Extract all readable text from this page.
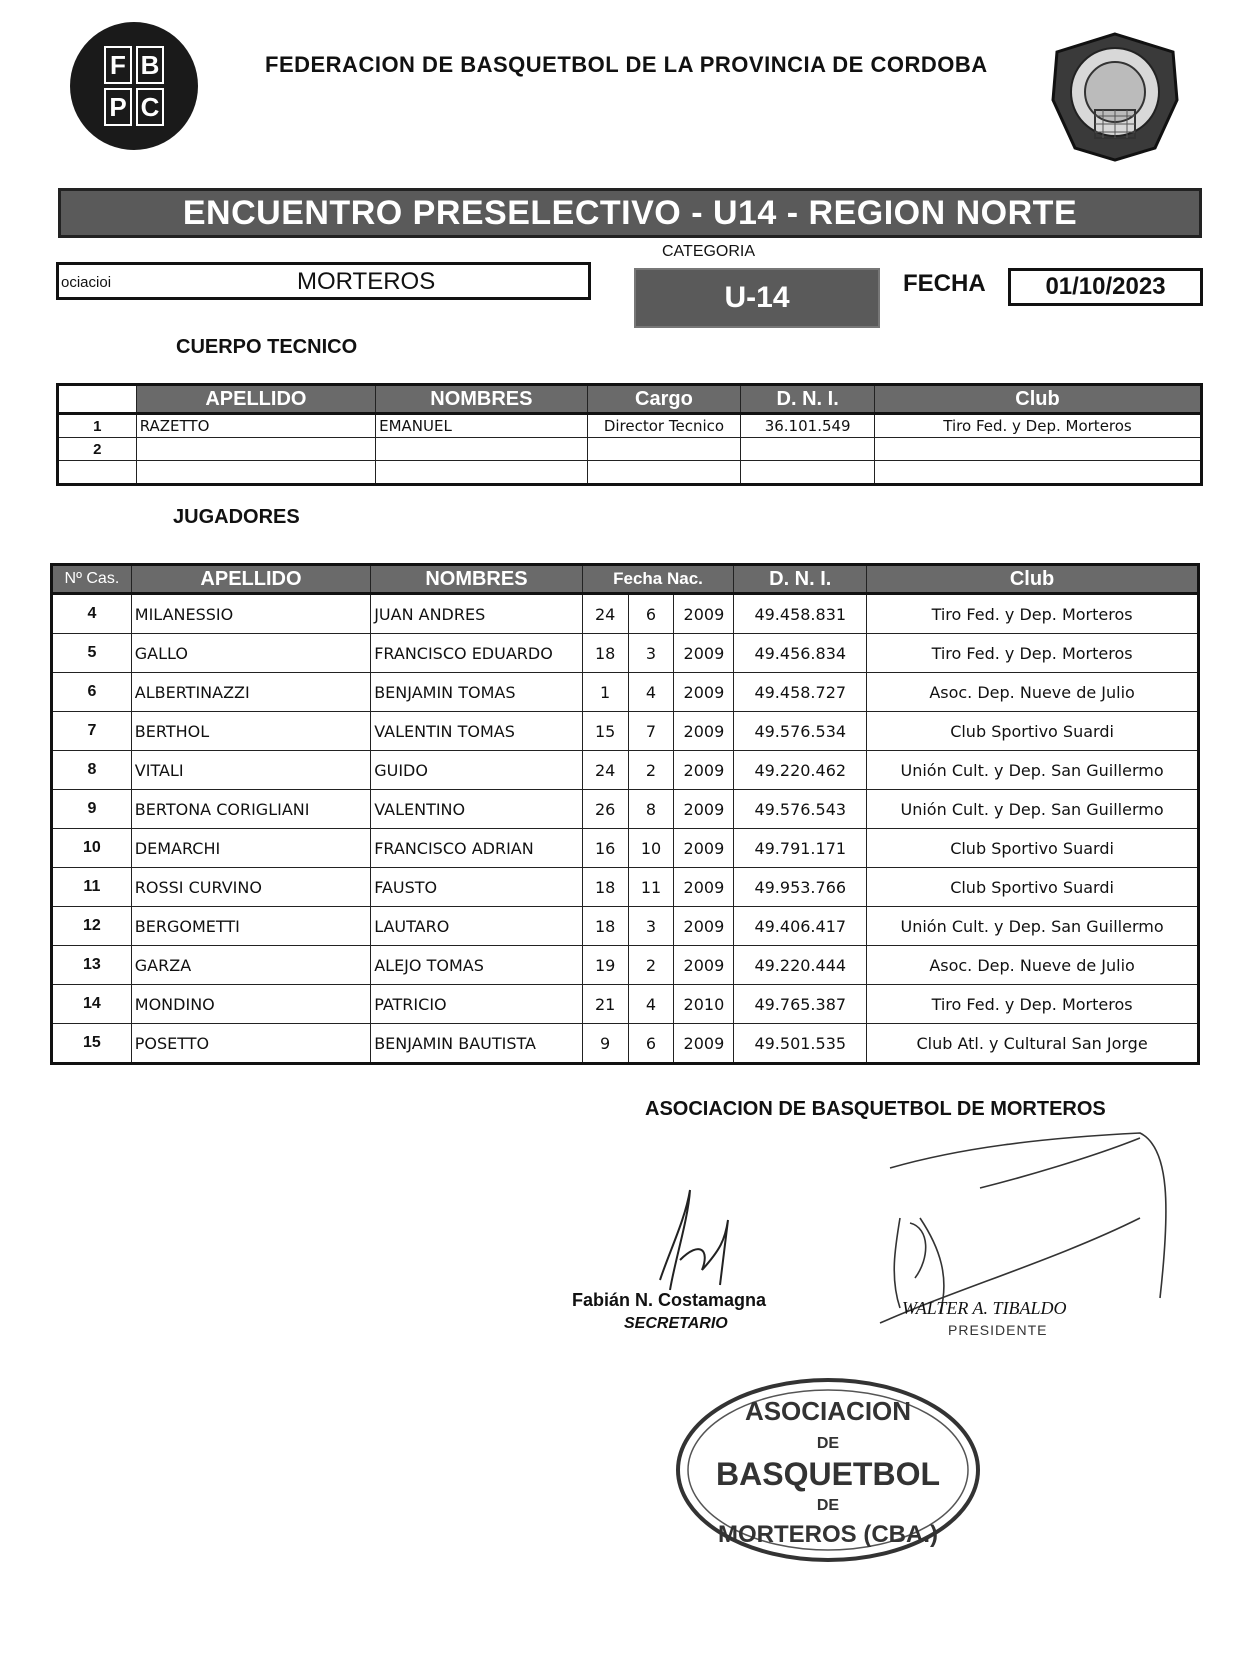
F B
P C
FEDERACION DE BASQUETBOL DE LA PROVINCIA DE CORDOBA
ENCUENTRO PRESELECTIVO - U14 - REGION NORTE
ociacioi	MORTEROS
CATEGORIA
U-14	FECHA	01/10/2023
CUERPO TECNICO
	APELLIDO	NOMBRES	Cargo	D. N. I.	Club
1	RAZETTO	EMANUEL	Director Tecnico	36.101.549	Tiro Fed. y Dep. Morteros
2					

JUGADORES
Nº Cas.	APELLIDO	NOMBRES	Fecha Nac.			D. N. I.	Club
4	MILANESSIO	JUAN ANDRES	24	6	2009	49.458.831	Tiro Fed. y Dep. Morteros
5	GALLO	FRANCISCO EDUARDO	18	3	2009	49.456.834	Tiro Fed. y Dep. Morteros
6	ALBERTINAZZI	BENJAMIN TOMAS	1	4	2009	49.458.727	Asoc. Dep. Nueve de Julio
7	BERTHOL	VALENTIN TOMAS	15	7	2009	49.576.534	Club Sportivo Suardi
8	VITALI	GUIDO	24	2	2009	49.220.462	Unión Cult. y Dep. San Guillermo
9	BERTONA CORIGLIANI	VALENTINO	26	8	2009	49.576.543	Unión Cult. y Dep. San Guillermo
10	DEMARCHI	FRANCISCO ADRIAN	16	10	2009	49.791.171	Club Sportivo Suardi
11	ROSSI CURVINO	FAUSTO	18	11	2009	49.953.766	Club Sportivo Suardi
12	BERGOMETTI	LAUTARO	18	3	2009	49.406.417	Unión Cult. y Dep. San Guillermo
13	GARZA	ALEJO TOMAS	19	2	2009	49.220.444	Asoc. Dep. Nueve de Julio
14	MONDINO	PATRICIO	21	4	2010	49.765.387	Tiro Fed. y Dep. Morteros
15	POSETTO	BENJAMIN BAUTISTA	9	6	2009	49.501.535	Club Atl. y Cultural San Jorge
ASOCIACION DE BASQUETBOL DE MORTEROS
Fabián N. Costamagna
SECRETARIO
WALTER A. TIBALDO
PRESIDENTE
ASOCIACION
DE
BASQUETBOL
DE
MORTEROS (CBA.)
